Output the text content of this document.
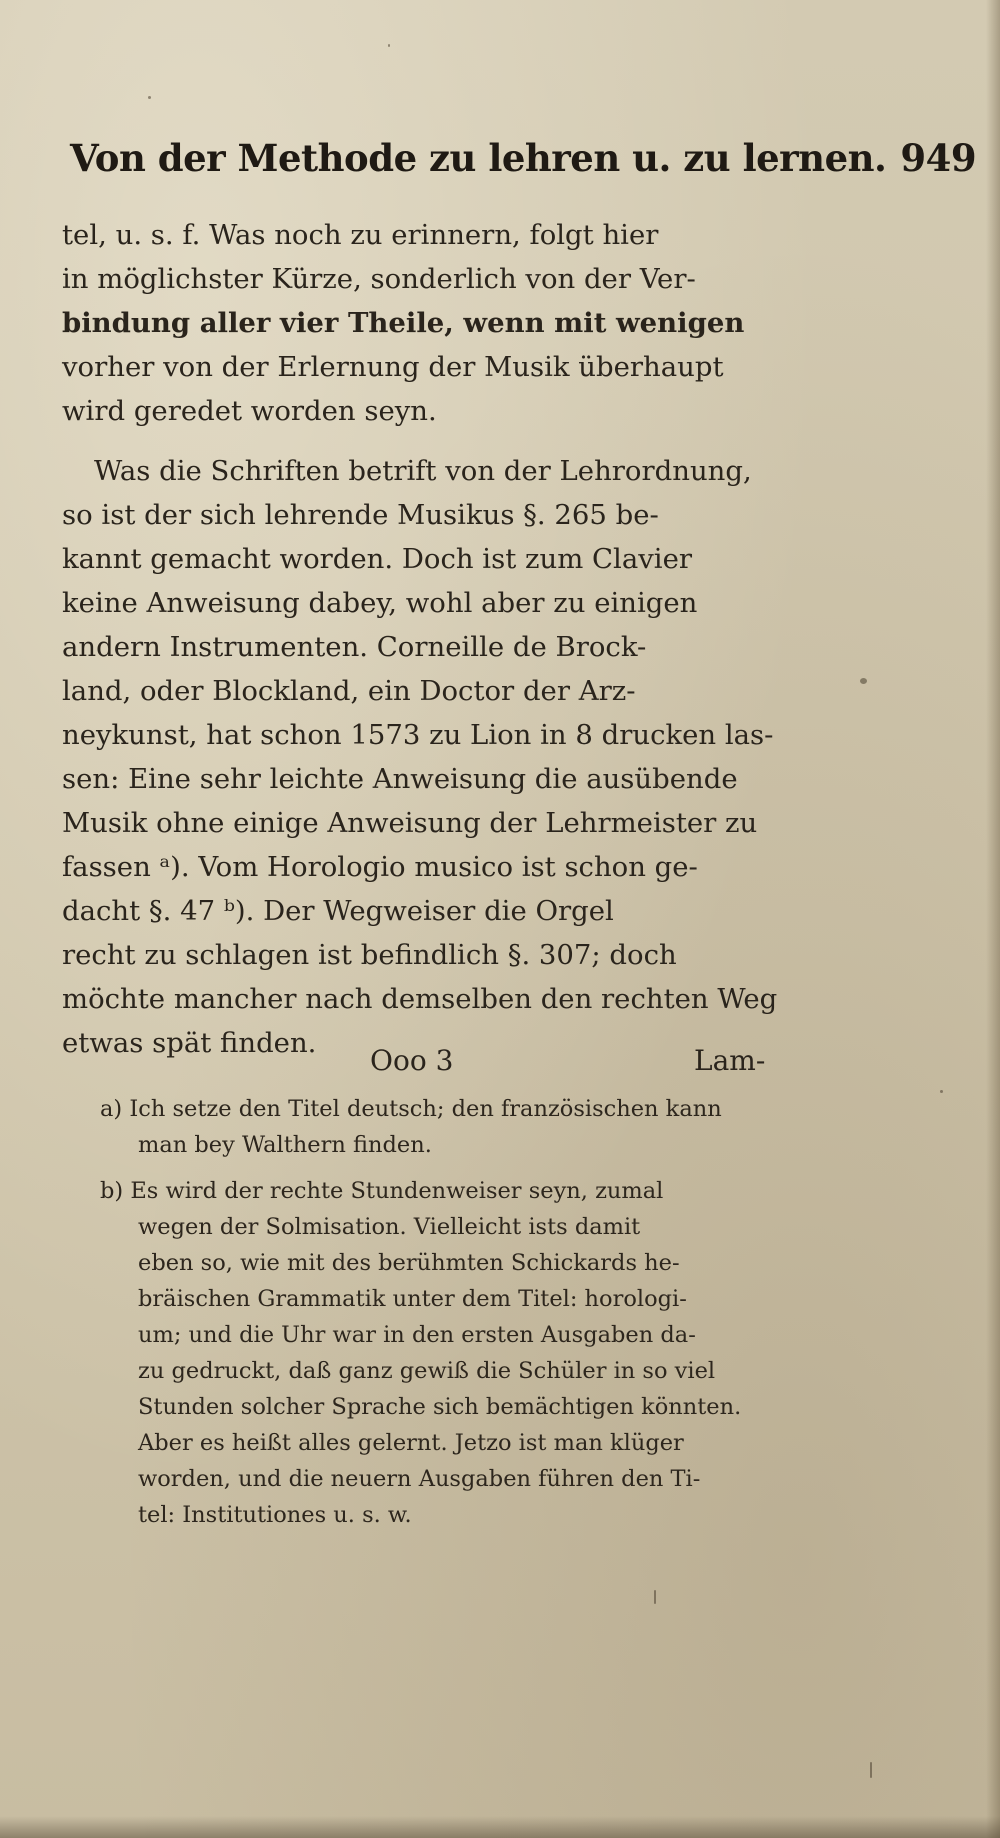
Von der Methode zu lehren u. zu lernen. 949
tel, u. s. f. Was noch zu erinnern, folgt hier
in möglichster Kürze, sonderlich von der Ver-
bindung aller vier Theile, wenn mit wenigen
vorher von der Erlernung der Musik überhaupt
wird geredet worden seyn.
Was die Schriften betrift von der Lehrordnung,
so ist der sich lehrende Musikus §. 265 be-
kannt gemacht worden. Doch ist zum Clavier
keine Anweisung dabey, wohl aber zu einigen
andern Instrumenten. Corneille de Brock-
land, oder Blockland, ein Doctor der Arz-
neykunst, hat schon 1573 zu Lion in 8 drucken las-
sen: Eine sehr leichte Anweisung die ausübende
Musik ohne einige Anweisung der Lehrmeister zu
fassen ᵃ). Vom Horologio musico ist schon ge-
dacht §. 47 ᵇ). Der Wegweiser die Orgel
recht zu schlagen ist befindlich §. 307; doch
möchte mancher nach demselben den rechten Weg
etwas spät finden.
Ooo 3	Lam-
a) Ich setze den Titel deutsch; den französischen kann
man bey Walthern finden.
b) Es wird der rechte Stundenweiser seyn, zumal
wegen der Solmisation. Vielleicht ists damit
eben so, wie mit des berühmten Schickards he-
bräischen Grammatik unter dem Titel: horologi-
um; und die Uhr war in den ersten Ausgaben da-
zu gedruckt, daß ganz gewiß die Schüler in so viel
Stunden solcher Sprache sich bemächtigen könnten.
Aber es heißt alles gelernt. Jetzo ist man klüger
worden, und die neuern Ausgaben führen den Ti-
tel: Institutiones u. s. w.
